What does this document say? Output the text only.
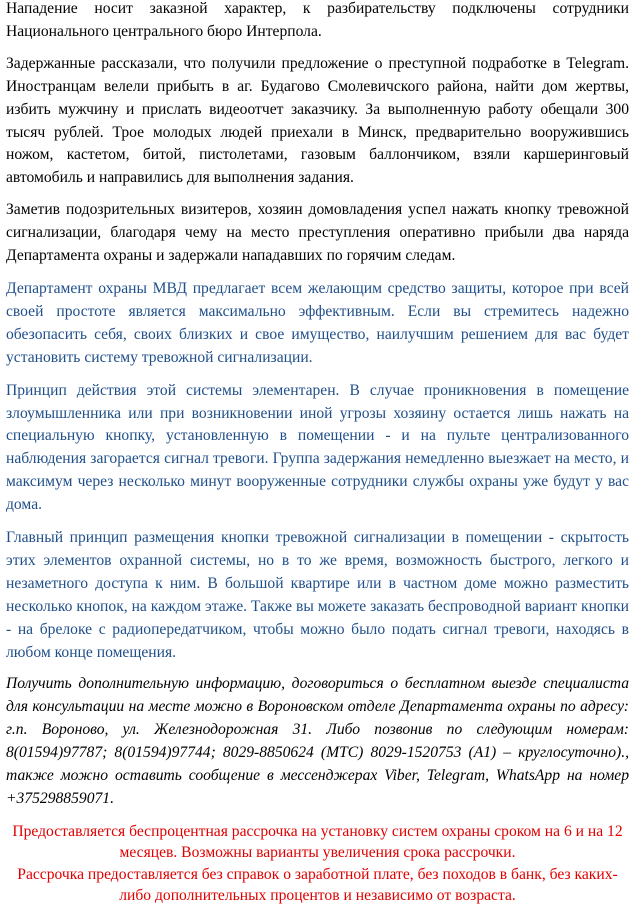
Нападение носит заказной характер, к разбирательству подключены сотрудники Национального центрального бюро Интерпола.

Задержанные рассказали, что получили предложение о преступной подработке в Telegram. Иностранцам велели прибыть в аг. Будагово Смолевичского района, найти дом жертвы, избить мужчину и прислать видеоотчет заказчику. За выполненную работу обещали 300 тысяч рублей. Трое молодых людей приехали в Минск, предварительно вооружившись ножом, кастетом, битой, пистолетами, газовым баллончиком, взяли каршеринговый автомобиль и направились для выполнения задания.

Заметив подозрительных визитеров, хозяин домовладения успел нажать кнопку тревожной сигнализации, благодаря чему на место преступления оперативно прибыли два наряда Департамента охраны и задержали нападавших по горячим следам.

Департамент охраны МВД предлагает всем желающим средство защиты, которое при всей своей простоте является максимально эффективным. Если вы стремитесь надежно обезопасить себя, своих близких и свое имущество, наилучшим решением для вас будет установить систему тревожной сигнализации.

Принцип действия этой системы элементарен. В случае проникновения в помещение злоумышленника или при возникновении иной угрозы хозяину остается лишь нажать на специальную кнопку, установленную в помещении - и на пульте централизованного наблюдения загорается сигнал тревоги. Группа задержания немедленно выезжает на место, и максимум через несколько минут вооруженные сотрудники службы охраны уже будут у вас дома.

Главный принцип размещения кнопки тревожной сигнализации в помещении - скрытость этих элементов охранной системы, но в то же время, возможность быстрого, легкого и незаметного доступа к ним. В большой квартире или в частном доме можно разместить несколько кнопок, на каждом этаже. Также вы можете заказать беспроводной вариант кнопки - на брелоке с радиопередатчиком, чтобы можно было подать сигнал тревоги, находясь в любом конце помещения.

Получить дополнительную информацию, договориться о бесплатном выезде специалиста для консультации на месте можно в Вороновском отделе Департамента охраны по адресу: г.п. Вороново, ул. Железнодорожная 31. Либо позвонив по следующим номерам: 8(01594)97787; 8(01594)97744; 8029-8850624 (МТС) 8029-1520753 (А1) – круглосуточно)., также можно оставить сообщение в мессенджерах Viber, Telegram, WhatsApp на номер +375298859071.

Предоставляется беспроцентная рассрочка на установку систем охраны сроком на 6 и на 12 месяцев. Возможны варианты увеличения срока рассрочки.
Рассрочка предоставляется без справок о заработной плате, без походов в банк, без каких-либо дополнительных процентов и независимо от возраста.
